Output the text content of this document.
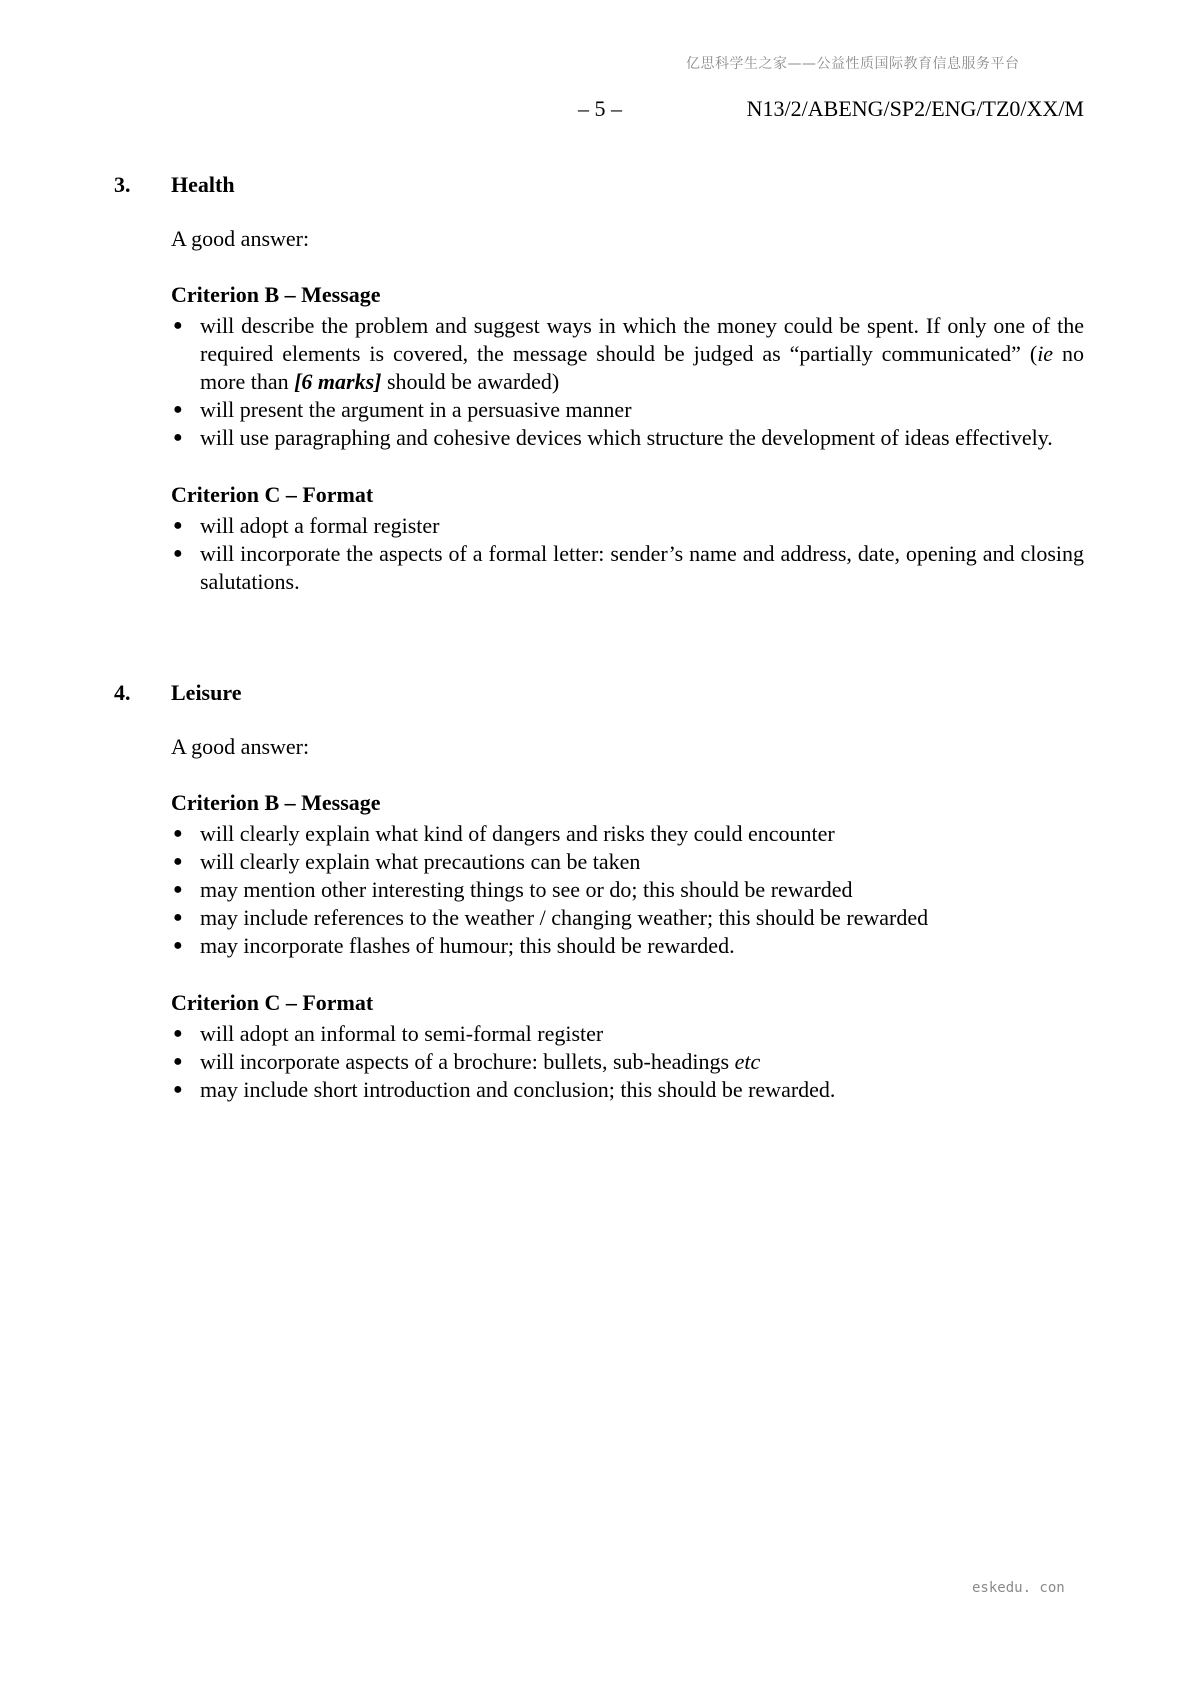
亿思科学生之家——公益性质国际教育信息服务平台
– 5 –	N13/2/ABENG/SP2/ENG/TZ0/XX/M
3.	Health
A good answer:
Criterion B – Message
● will describe the problem and suggest ways in which the money could be spent. If only one of the required elements is covered, the message should be judged as “partially communicated” (ie no more than [6 marks] should be awarded)
● will present the argument in a persuasive manner
● will use paragraphing and cohesive devices which structure the development of ideas effectively.
Criterion C – Format
● will adopt a formal register
● will incorporate the aspects of a formal letter: sender’s name and address, date, opening and closing salutations.
4.	Leisure
A good answer:
Criterion B – Message
● will clearly explain what kind of dangers and risks they could encounter
● will clearly explain what precautions can be taken
● may mention other interesting things to see or do; this should be rewarded
● may include references to the weather / changing weather; this should be rewarded
● may incorporate flashes of humour; this should be rewarded.
Criterion C – Format
● will adopt an informal to semi-formal register
● will incorporate aspects of a brochure: bullets, sub-headings etc
● may include short introduction and conclusion; this should be rewarded.
eskedu. con
